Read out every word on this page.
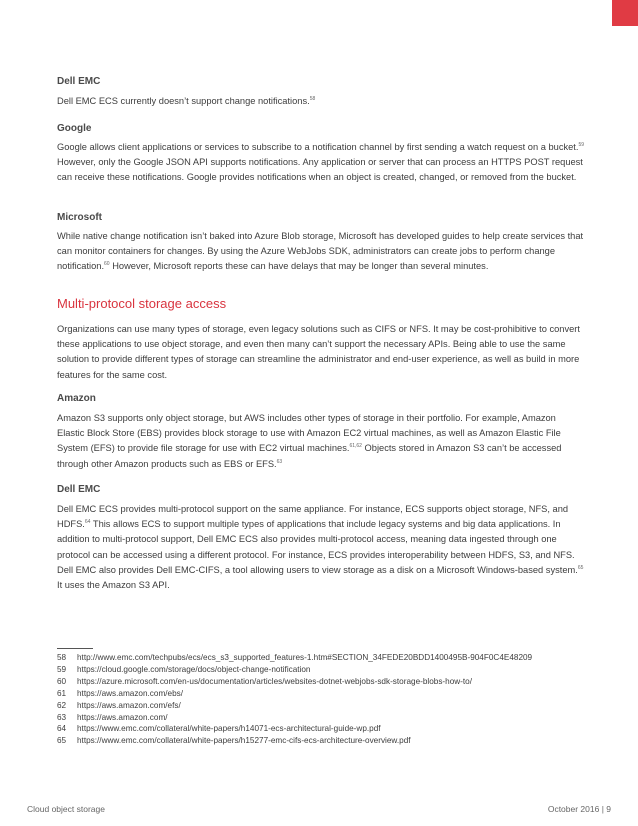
Dell EMC

Dell EMC ECS currently doesn’t support change notifications.$^{58}$

Google

Google allows client applications or services to subscribe to a notification channel by first sending a watch request on a bucket.$^{59}$ However, only the Google JSON API supports notifications. Any application or server that can process an HTTPS POST request can receive these notifications. Google provides notifications when an object is created, changed, or removed from the bucket.

Microsoft

While native change notification isn’t baked into Azure Blob storage, Microsoft has developed guides to help create services that can monitor containers for changes. By using the Azure WebJobs SDK, administrators can create jobs to perform change notification.$^{60}$ However, Microsoft reports these can have delays that may be longer than several minutes.

Multi-protocol storage access

Organizations can use many types of storage, even legacy solutions such as CIFS or NFS. It may be cost-prohibitive to convert these applications to use object storage, and even then many can’t support the necessary APIs. Being able to use the same solution to provide different types of storage can streamline the administrator and end-user experience, as well as build in more features for the same cost.

Amazon

Amazon S3 supports only object storage, but AWS includes other types of storage in their portfolio. For example, Amazon Elastic Block Store (EBS) provides block storage to use with Amazon EC2 virtual machines, as well as Amazon Elastic File System (EFS) to provide file storage for use with EC2 virtual machines.$^{61,62}$ Objects stored in Amazon S3 can’t be accessed through other Amazon products such as EBS or EFS.$^{63}$

Dell EMC

Dell EMC ECS provides multi-protocol support on the same appliance. For instance, ECS supports object storage, NFS, and HDFS.$^{64}$ This allows ECS to support multiple types of applications that include legacy systems and big data applications. In addition to multi-protocol support, Dell EMC ECS also provides multi-protocol access, meaning data ingested through one protocol can be accessed using a different protocol. For instance, ECS provides interoperability between HDFS, S3, and NFS. Dell EMC also provides Dell EMC-CIFS, a tool allowing users to view storage as a disk on a Microsoft Windows-based system.$^{65}$ It uses the Amazon S3 API.

58	http://www.emc.com/techpubs/ecs/ecs_s3_supported_features-1.htm#SECTION_34FEDE20BDD1400495B-904F0C4E48209
59	https://cloud.google.com/storage/docs/object-change-notification
60	https://azure.microsoft.com/en-us/documentation/articles/websites-dotnet-webjobs-sdk-storage-blobs-how-to/
61	https://aws.amazon.com/ebs/
62	https://aws.amazon.com/efs/
63	https://aws.amazon.com/
64	https://www.emc.com/collateral/white-papers/h14071-ecs-architectural-guide-wp.pdf
65	https://www.emc.com/collateral/white-papers/h15277-emc-cifs-ecs-architecture-overview.pdf
Cloud object storage	October 2016 | 9
